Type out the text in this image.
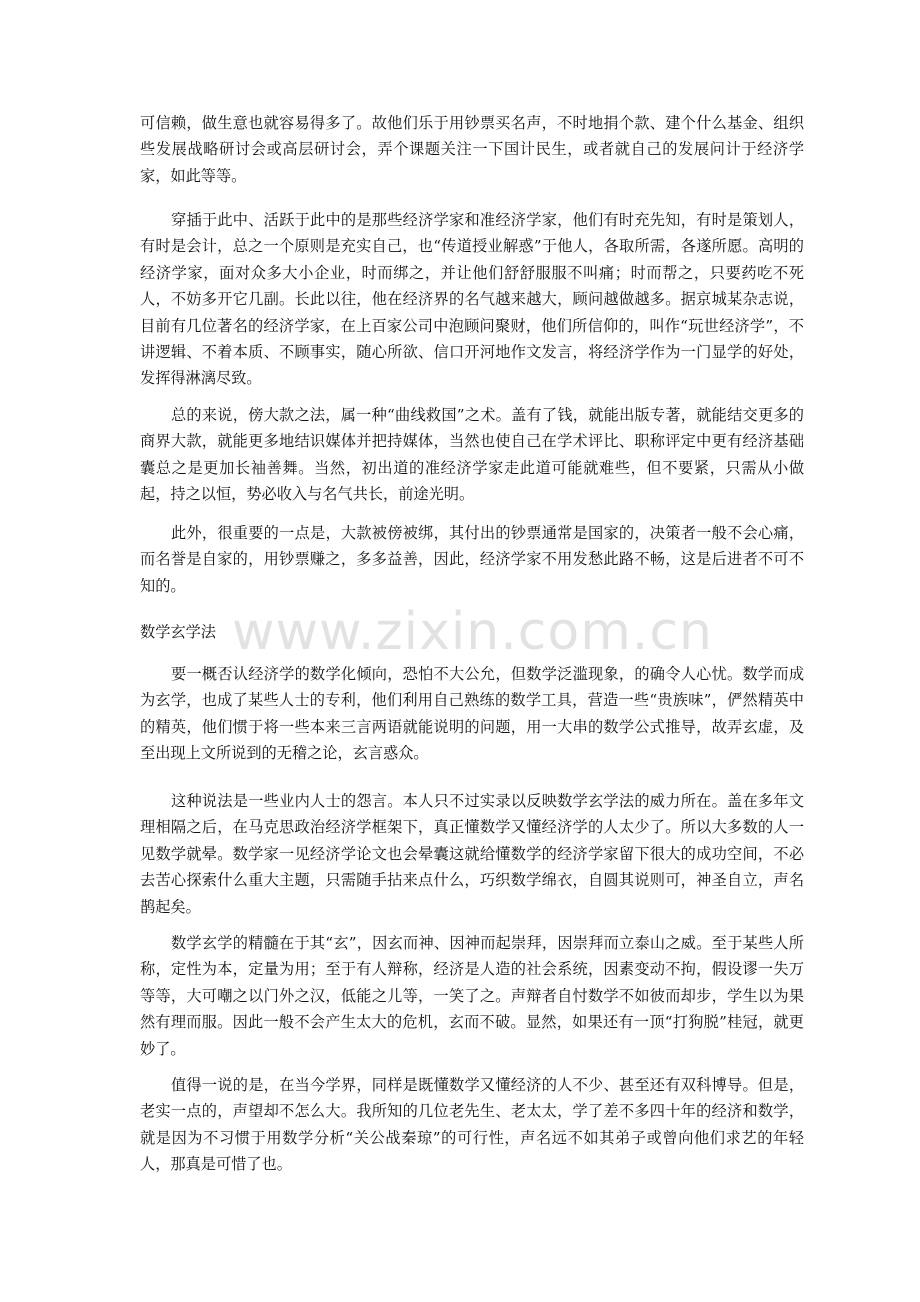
可信赖，做生意也就容易得多了。故他们乐于用钞票买名声，不时地捐个款、建个什么基金、组织些发展战略研讨会或高层研讨会，弄个课题关注一下国计民生，或者就自己的发展问计于经济学家，如此等等。

穿插于此中、活跃于此中的是那些经济学家和准经济学家，他们有时充先知，有时是策划人，有时是会计，总之一个原则是充实自己，也“传道授业解惑”于他人，各取所需，各遂所愿。高明的经济学家，面对众多大小企业，时而绑之，并让他们舒舒服服不叫痛；时而帮之，只要药吃不死人，不妨多开它几副。长此以往，他在经济界的名气越来越大，顾问越做越多。据京城某杂志说，目前有几位著名的经济学家，在上百家公司中泡顾问聚财，他们所信仰的，叫作“玩世经济学”，不讲逻辑、不着本质、不顾事实，随心所欲、信口开河地作文发言，将经济学作为一门显学的好处，发挥得淋漓尽致。

总的来说，傍大款之法，属一种“曲线救国”之术。盖有了钱，就能出版专著，就能结交更多的商界大款，就能更多地结识媒体并把持媒体，当然也使自己在学术评比、职称评定中更有经济基础囊总之是更加长袖善舞。当然，初出道的准经济学家走此道可能就难些，但不要紧，只需从小做起，持之以恒，势必收入与名气共长，前途光明。

此外，很重要的一点是，大款被傍被绑，其付出的钞票通常是国家的，决策者一般不会心痛，而名誉是自家的，用钞票赚之，多多益善，因此，经济学家不用发愁此路不畅，这是后进者不可不知的。

数学玄学法 www.zixin.com.cn

要一概否认经济学的数学化倾向，恐怕不大公允，但数学泛滥现象，的确令人心忧。数学而成为玄学，也成了某些人士的专利，他们利用自己熟练的数学工具，营造一些“贵族味”，俨然精英中的精英，他们惯于将一些本来三言两语就能说明的问题，用一大串的数学公式推导，故弄玄虚，及至出现上文所说到的无稽之论，玄言惑众。

这种说法是一些业内人士的怨言。本人只不过实录以反映数学玄学法的威力所在。盖在多年文理相隔之后，在马克思政治经济学框架下，真正懂数学又懂经济学的人太少了。所以大多数的人一见数学就晕。数学家一见经济学论文也会晕囊这就给懂数学的经济学家留下很大的成功空间，不必去苦心探索什么重大主题，只需随手拈来点什么，巧织数学绵衣，自圆其说则可，神圣自立，声名鹊起矣。

数学玄学的精髓在于其“玄”，因玄而神、因神而起崇拜，因崇拜而立泰山之威。至于某些人所称，定性为本，定量为用；至于有人辩称，经济是人造的社会系统，因素变动不拘，假设谬一失万等等，大可嘲之以门外之汉，低能之儿等，一笑了之。声辩者自忖数学不如彼而却步，学生以为果然有理而服。因此一般不会产生太大的危机，玄而不破。显然，如果还有一顶“打狗脱”桂冠，就更妙了。

值得一说的是，在当今学界，同样是既懂数学又懂经济的人不少、甚至还有双科博导。但是，老实一点的，声望却不怎么大。我所知的几位老先生、老太太，学了差不多四十年的经济和数学，就是因为不习惯于用数学分析“关公战秦琼”的可行性，声名远不如其弟子或曾向他们求艺的年轻人，那真是可惜了也。
